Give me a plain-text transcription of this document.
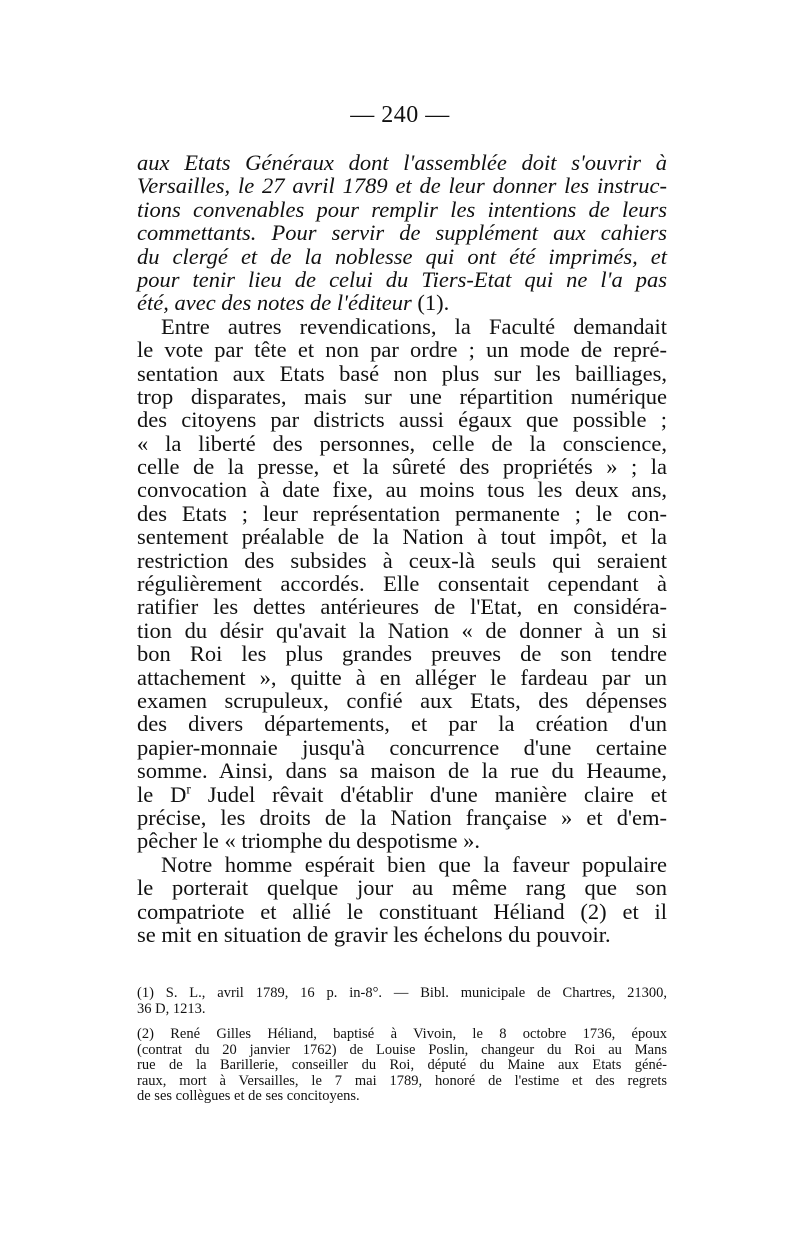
— 240 —
aux Etats Généraux dont l'assemblée doit s'ouvrir à
Versailles, le 27 avril 1789 et de leur donner les instruc-
tions convenables pour remplir les intentions de leurs
commettants. Pour servir de supplément aux cahiers
du clergé et de la noblesse qui ont été imprimés, et
pour tenir lieu de celui du Tiers-Etat qui ne l'a pas
été, avec des notes de l'éditeur (1).
Entre autres revendications, la Faculté demandait
le vote par tête et non par ordre ; un mode de repré-
sentation aux Etats basé non plus sur les bailliages,
trop disparates, mais sur une répartition numérique
des citoyens par districts aussi égaux que possible ;
« la liberté des personnes, celle de la conscience,
celle de la presse, et la sûreté des propriétés » ; la
convocation à date fixe, au moins tous les deux ans,
des Etats ; leur représentation permanente ; le con-
sentement préalable de la Nation à tout impôt, et la
restriction des subsides à ceux-là seuls qui seraient
régulièrement accordés. Elle consentait cependant à
ratifier les dettes antérieures de l'Etat, en considéra-
tion du désir qu'avait la Nation « de donner à un si
bon Roi les plus grandes preuves de son tendre
attachement », quitte à en alléger le fardeau par un
examen scrupuleux, confié aux Etats, des dépenses
des divers départements, et par la création d'un
papier-monnaie jusqu'à concurrence d'une certaine
somme. Ainsi, dans sa maison de la rue du Heaume,
le $D^r$ Judel rêvait d'établir d'une manière claire et
précise, les droits de la Nation française » et d'em-
pêcher le « triomphe du despotisme ».
Notre homme espérait bien que la faveur populaire
le porterait quelque jour au même rang que son
compatriote et allié le constituant Héliand (2) et il
se mit en situation de gravir les échelons du pouvoir.
(1) S. L., avril 1789, 16 p. in-8°. — Bibl. municipale de Chartres, 21300,
36 D, 1213.
(2) René Gilles Héliand, baptisé à Vivoin, le 8 octobre 1736, époux
(contrat du 20 janvier 1762) de Louise Poslin, changeur du Roi au Mans
rue de la Barillerie, conseiller du Roi, député du Maine aux Etats géné-
raux, mort à Versailles, le 7 mai 1789, honoré de l'estime et des regrets
de ses collègues et de ses concitoyens.
